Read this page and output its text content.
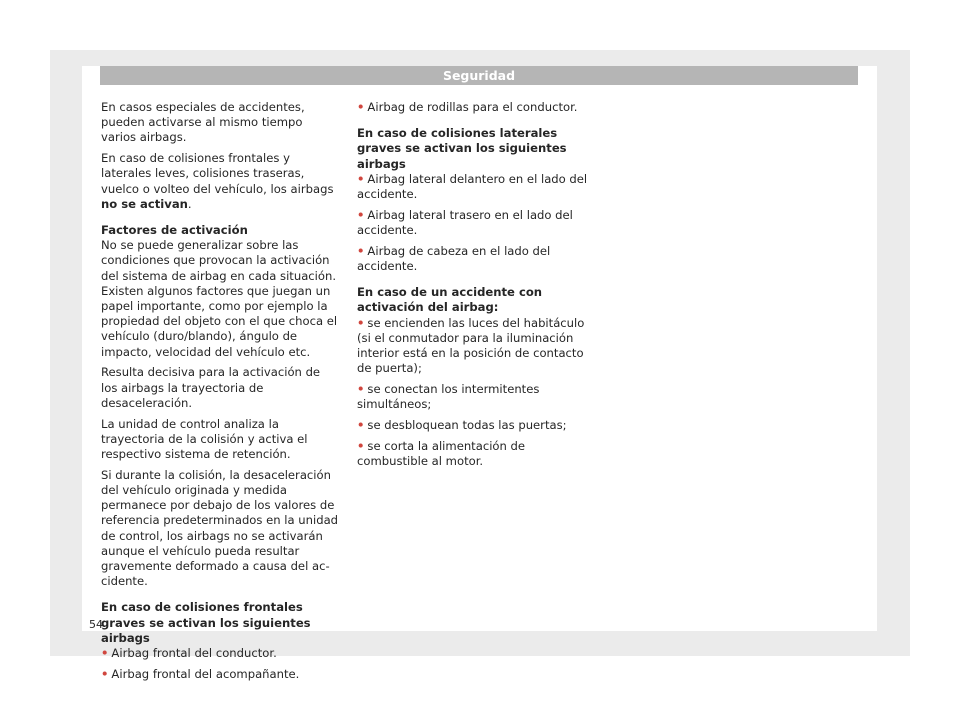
Seguridad

En casos especiales de accidentes, pueden activarse al mismo tiempo varios airbags.

En caso de colisiones frontales y laterales leves, colisiones traseras, vuelco o volteo del vehículo, los airbags no se activan.

Factores de activación

No se puede generalizar sobre las condiciones que provocan la activación del sistema de airbag en cada situación. Existen algunos factores que juegan un papel importante, como por ejemplo la propiedad del objeto con el que choca el vehículo (duro/blando), ángulo de impacto, velocidad del vehículo etc.

Resulta decisiva para la activación de los airbags la trayectoria de desaceleración.

La unidad de control analiza la trayectoria de la colisión y activa el respectivo sistema de retención.

Si durante la colisión, la desaceleración del vehículo originada y medida permanece por debajo de los valores de referencia predeterminados en la unidad de control, los airbags no se activarán aunque el vehículo pueda resultar gravemente deformado a causa del accidente.

En caso de colisiones frontales graves se activan los siguientes airbags

• Airbag frontal del conductor.

• Airbag frontal del acompañante.

• Airbag de rodillas para el conductor.

En caso de colisiones laterales graves se activan los siguientes airbags

• Airbag lateral delantero en el lado del accidente.

• Airbag lateral trasero en el lado del accidente.

• Airbag de cabeza en el lado del accidente.

En caso de un accidente con activación del airbag:

• se encienden las luces del habitáculo (si el conmutador para la iluminación interior está en la posición de contacto de puerta);

• se conectan los intermitentes simultáneos;

• se desbloquean todas las puertas;

• se corta la alimentación de combustible al motor.

54
